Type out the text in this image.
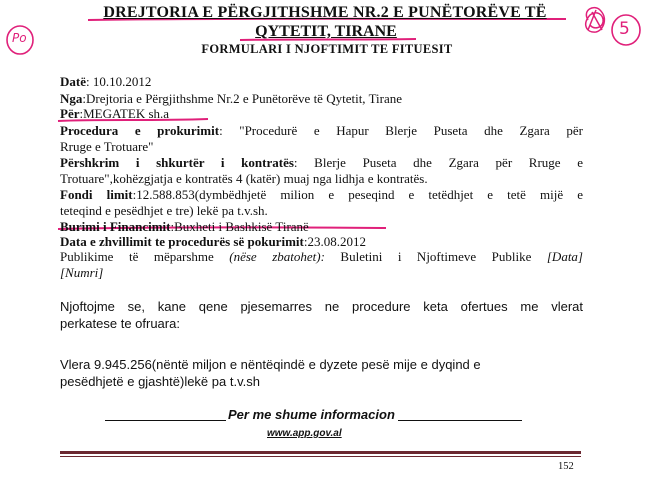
Po	5
DREJTORIA E PËRGJITHSHME NR.2 E PUNËTORËVE TË
QYTETIT, TIRANE
FORMULARI I NJOFTIMIT TE FITUESIT
Datë: 10.10.2012
Nga:Drejtoria e Përgjithshme Nr.2 e Punëtorëve të Qytetit, Tirane
Për:MEGATEK sh.a
Procedura e prokurimit: "Procedurë e Hapur Blerje Puseta dhe Zgara për
Rruge e Trotuare"
Përshkrim i shkurtër i kontratës: Blerje Puseta dhe Zgara për Rruge e
Trotuare",kohëzgjatja e kontratës 4 (katër) muaj nga lidhja e kontratës.
Fondi limit:12.588.853(dymbëdhjetë milion e peseqind e tetëdhjet e tetë mijë e
teteqind e pesëdhjet e tre) lekë pa t.v.sh.
Burimi i Financimit:Buxheti i Bashkisë Tiranë
Data e zhvillimit te procedurës së pokurimit:23.08.2012
Publikime të mëparshme (nëse zbatohet): Buletini i Njoftimeve Publike [Data]
[Numri]
Njoftojme se, kane qene pjesemarres ne procedure keta ofertues me vlerat
perkatese te ofruara:
Vlera 9.945.256(nëntë miljon e nëntëqindë e dyzete pesë mije e dyqind e
pesëdhjetë e gjashtë)lekë pa t.v.sh
Per me shume informacion
www.app.gov.al
152
